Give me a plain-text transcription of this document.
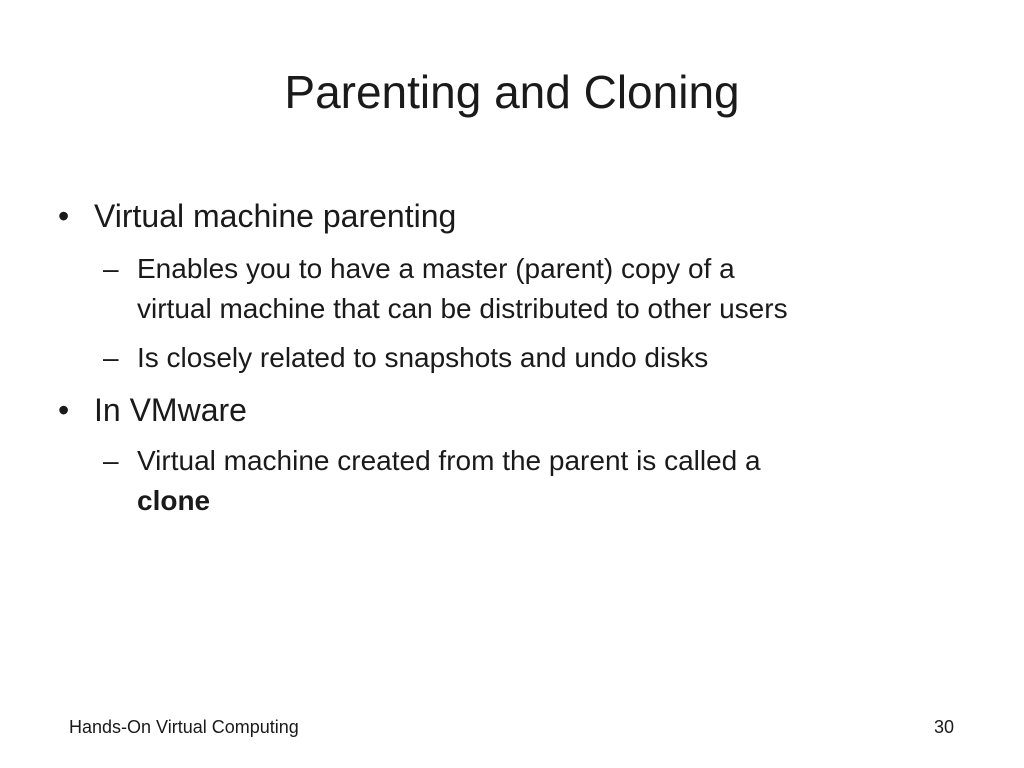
Parenting and Cloning
• Virtual machine parenting
– Enables you to have a master (parent) copy of a
virtual machine that can be distributed to other users
– Is closely related to snapshots and undo disks
• In VMware
– Virtual machine created from the parent is called a
clone
Hands-On Virtual Computing	30
